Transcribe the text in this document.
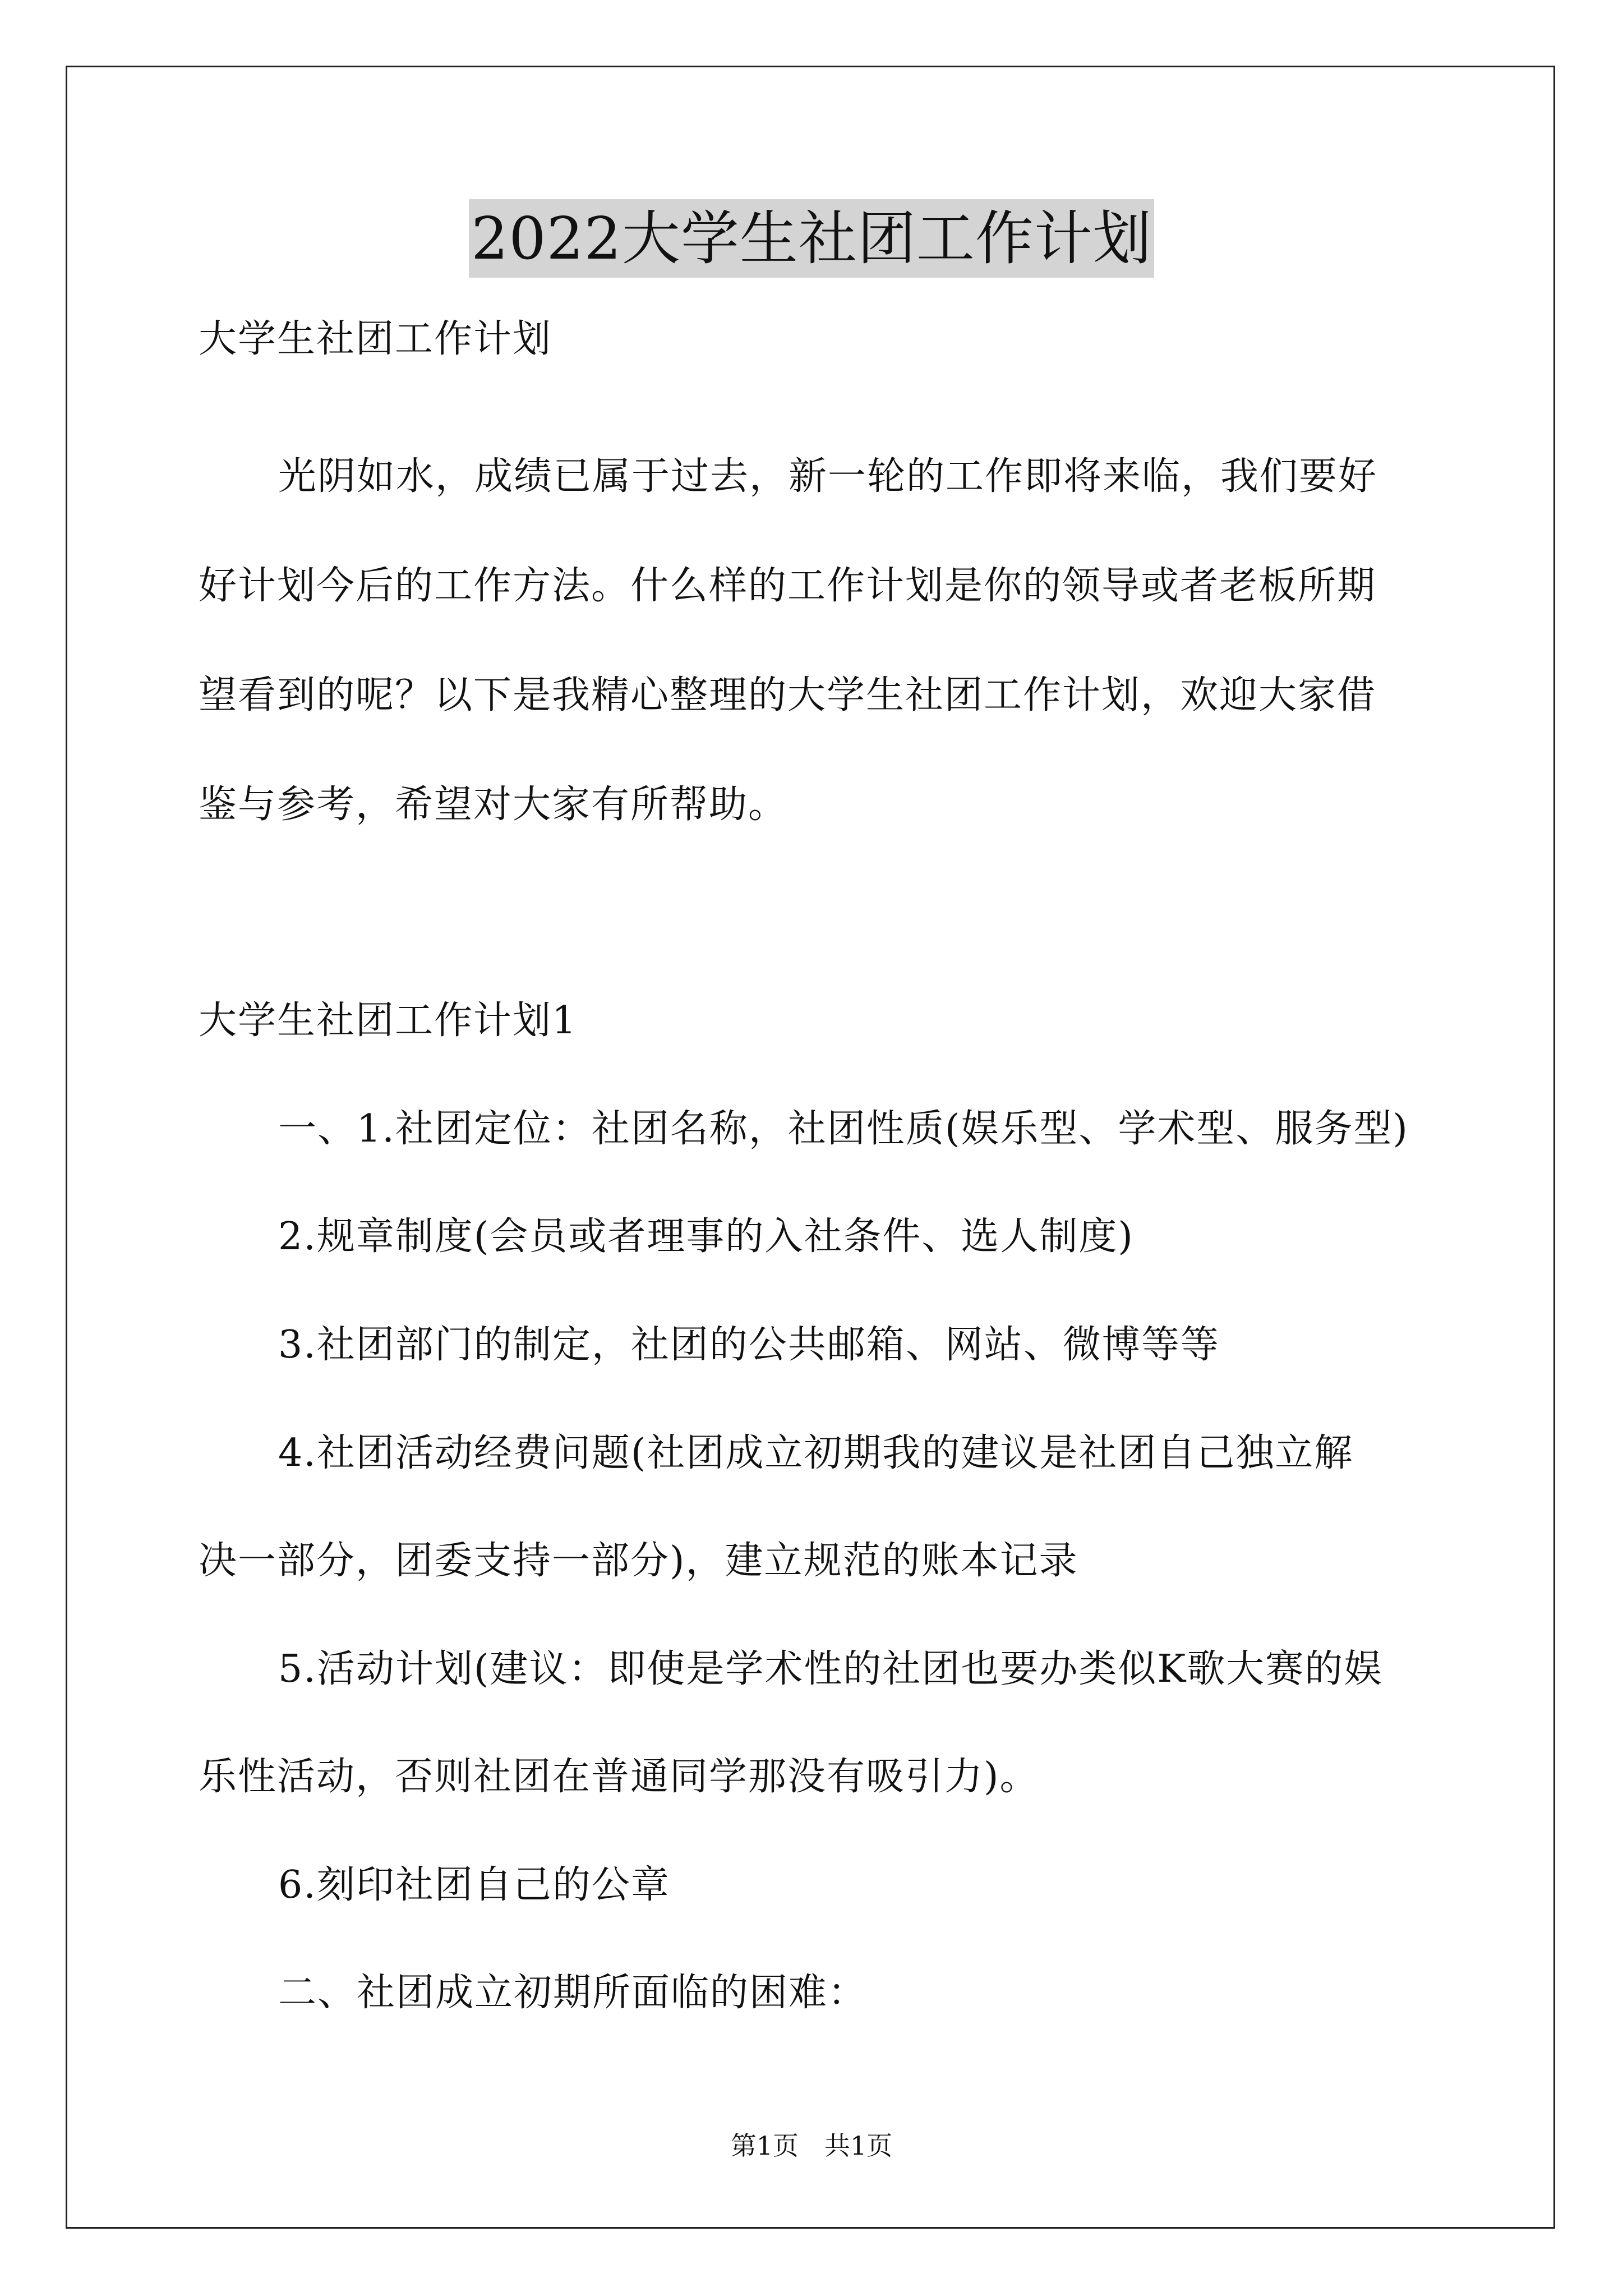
2022大学生社团工作计划

大学生社团工作计划

光阴如水，成绩已属于过去，新一轮的工作即将来临，我们要好

好计划今后的工作方法。什么样的工作计划是你的领导或者老板所期

望看到的呢？以下是我精心整理的大学生社团工作计划，欢迎大家借

鉴与参考，希望对大家有所帮助。

大学生社团工作计划1

一、1.社团定位：社团名称，社团性质(娱乐型、学术型、服务型)

2.规章制度(会员或者理事的入社条件、选人制度)

3.社团部门的制定，社团的公共邮箱、网站、微博等等

4.社团活动经费问题(社团成立初期我的建议是社团自己独立解

决一部分，团委支持一部分)，建立规范的账本记录

5.活动计划(建议：即使是学术性的社团也要办类似K歌大赛的娱

乐性活动，否则社团在普通同学那没有吸引力)。

6.刻印社团自己的公章

二、社团成立初期所面临的困难：

第1页　共1页
